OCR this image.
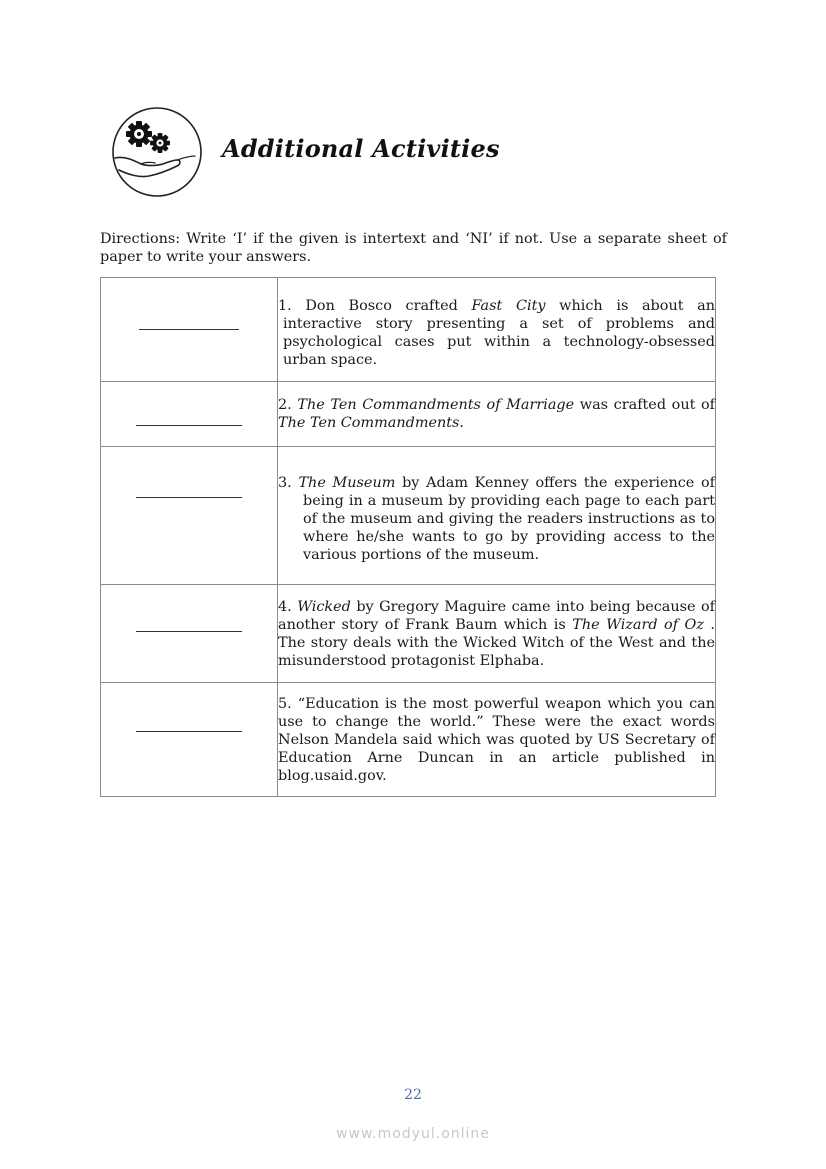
Additional Activities

Directions: Write ‘I’ if the given is intertext and ‘NI’ if not. Use a separate sheet of paper to write your answers.

	1. Don Bosco crafted Fast City which is about an interactive story presenting a set of problems and psychological cases put within a technology-obsessed urban space.

	2. The Ten Commandments of Marriage was crafted out of The Ten Commandments.

	3. The Museum by Adam Kenney offers the experience of being in a museum by providing each page to each part of the museum and giving the readers instructions as to where he/she wants to go by providing access to the various portions of the museum.

	4. Wicked by Gregory Maguire came into being because of another story of Frank Baum which is The Wizard of Oz . The story deals with the Wicked Witch of the West and the misunderstood protagonist Elphaba.

	5. “Education is the most powerful weapon which you can use to change the world.” These were the exact words Nelson Mandela said which was quoted by US Secretary of Education Arne Duncan in an article published in blog.usaid.gov.
22
www.modyul.online
